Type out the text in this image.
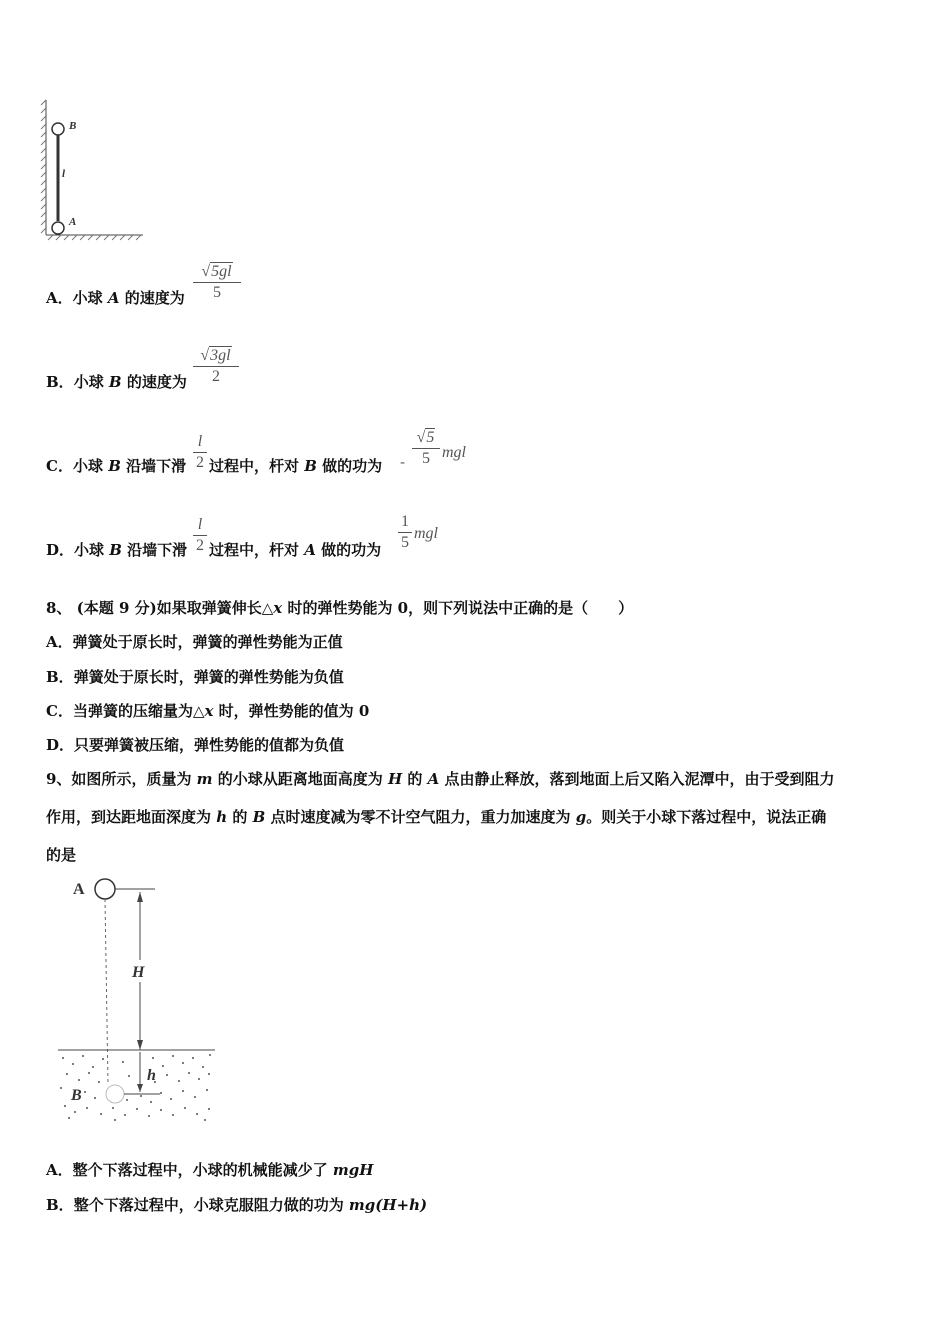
B
A
l
A．小球 A 的速度为
√5gl
5
B．小球 B 的速度为
√3gl
2
C．小球 B 沿墙下滑
l
2 过程中，杆对 B 做的功为 -
√5
5 mgl
D．小球 B 沿墙下滑
l
2 过程中，杆对 A 做的功为
1
5
mgl
8、 (本题 9 分)如果取弹簧伸长△x 时的弹性势能为 0，则下列说法中正确的是（　　）
A．弹簧处于原长时，弹簧的弹性势能为正值
B．弹簧处于原长时，弹簧的弹性势能为负值
C．当弹簧的压缩量为△x 时，弹性势能的值为 0
D．只要弹簧被压缩，弹性势能的值都为负值
9、如图所示，质量为 m 的小球从距离地面高度为 H 的 A 点由静止释放，落到地面上后又陷入泥潭中，由于受到阻力
作用，到达距地面深度为 h 的 B 点时速度减为零不计空气阻力，重力加速度为 g。则关于小球下落过程中，说法正确
的是
A
H
h
B
A．整个下落过程中，小球的机械能减少了 mgH
B．整个下落过程中，小球克服阻力做的功为 mg(H+h)
